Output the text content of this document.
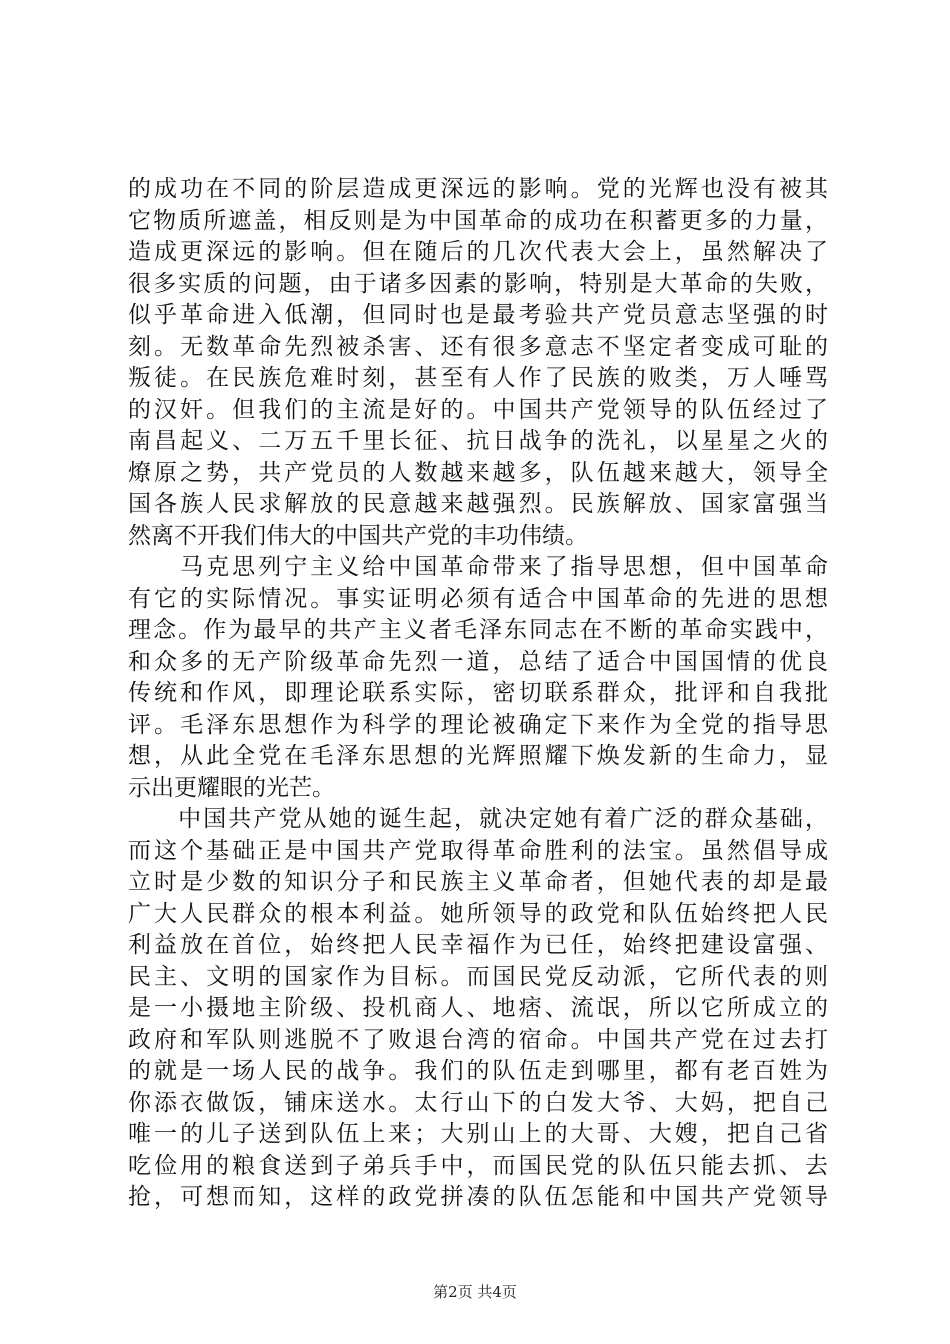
的成功在不同的阶层造成更深远的影响。党的光辉也没有被其
它物质所遮盖，相反则是为中国革命的成功在积蓄更多的力量，
造成更深远的影响。但在随后的几次代表大会上，虽然解决了
很多实质的问题，由于诸多因素的影响，特别是大革命的失败，
似乎革命进入低潮，但同时也是最考验共产党员意志坚强的时
刻。无数革命先烈被杀害、还有很多意志不坚定者变成可耻的
叛徒。在民族危难时刻，甚至有人作了民族的败类，万人唾骂
的汉奸。但我们的主流是好的。中国共产党领导的队伍经过了
南昌起义、二万五千里长征、抗日战争的洗礼，以星星之火的
燎原之势，共产党员的人数越来越多，队伍越来越大，领导全
国各族人民求解放的民意越来越强烈。民族解放、国家富强当
然离不开我们伟大的中国共产党的丰功伟绩。
　　马克思列宁主义给中国革命带来了指导思想，但中国革命
有它的实际情况。事实证明必须有适合中国革命的先进的思想
理念。作为最早的共产主义者毛泽东同志在不断的革命实践中，
和众多的无产阶级革命先烈一道，总结了适合中国国情的优良
传统和作风，即理论联系实际，密切联系群众，批评和自我批
评。毛泽东思想作为科学的理论被确定下来作为全党的指导思
想，从此全党在毛泽东思想的光辉照耀下焕发新的生命力，显
示出更耀眼的光芒。
　　中国共产党从她的诞生起，就决定她有着广泛的群众基础，
而这个基础正是中国共产党取得革命胜利的法宝。虽然倡导成
立时是少数的知识分子和民族主义革命者，但她代表的却是最
广大人民群众的根本利益。她所领导的政党和队伍始终把人民
利益放在首位，始终把人民幸福作为已任，始终把建设富强、
民主、文明的国家作为目标。而国民党反动派，它所代表的则
是一小摄地主阶级、投机商人、地痞、流氓，所以它所成立的
政府和军队则逃脱不了败退台湾的宿命。中国共产党在过去打
的就是一场人民的战争。我们的队伍走到哪里，都有老百姓为
你添衣做饭，铺床送水。太行山下的白发大爷、大妈，把自己
唯一的儿子送到队伍上来；大别山上的大哥、大嫂，把自己省
吃俭用的粮食送到子弟兵手中，而国民党的队伍只能去抓、去
抢，可想而知，这样的政党拼凑的队伍怎能和中国共产党领导
第2页 共4页
